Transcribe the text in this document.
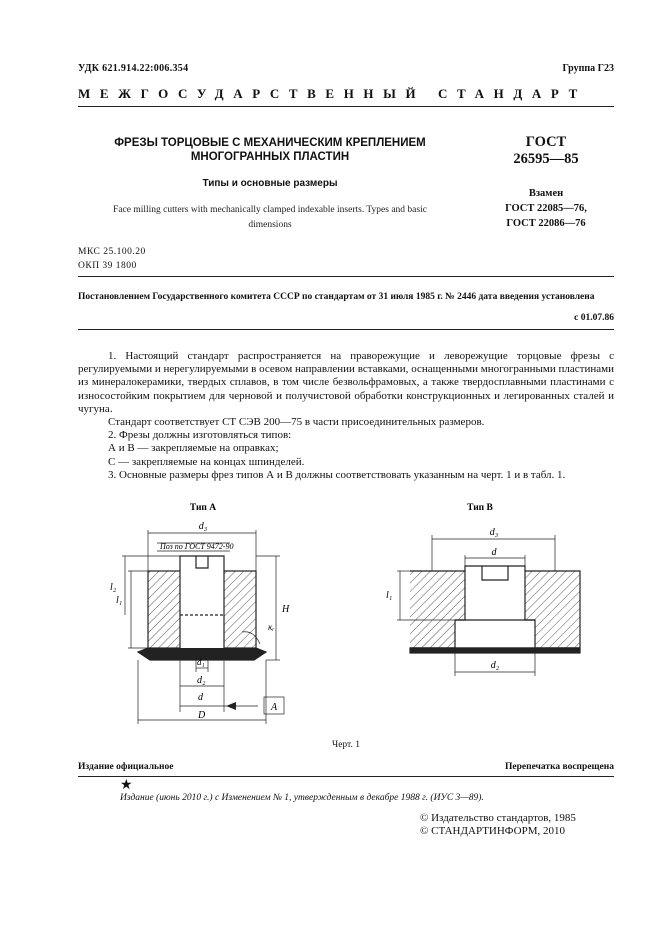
УДК 621.914.22:006.354	Группа Г23
МЕЖГОСУДАРСТВЕННЫЙ СТАНДАРТ
ФРЕЗЫ ТОРЦОВЫЕ С МЕХАНИЧЕСКИМ КРЕПЛЕНИЕМ
МНОГОГРАННЫХ ПЛАСТИН
Типы и основные размеры
Face milling cutters with mechanically clamped indexable inserts. Types and basic
dimensions
ГОСТ
26595—85
Взамен
ГОСТ 22085—76,
ГОСТ 22086—76
МКС 25.100.20
ОКП 39 1800
Постановлением Государственного комитета СССР по стандартам от 31 июля 1985 г. № 2446 дата введения установлена
с 01.07.86

1. Настоящий стандарт распространяется на праворежущие и леворежущие торцовые фрезы с регулируемыми и нерегулируемыми в осевом направлении вставками, оснащенными многогранными пластинами из минералокерамики, твердых сплавов, в том числе безвольфрамовых, а также твердосплавными пластинами с износостойким покрытием для черновой и получистовой обработки конструкционных и легированных сталей и чугуна.

Стандарт соответствует СТ СЭВ 200—75 в части присоединительных размеров.

2. Фрезы должны изготовляться типов:

А и В — закрепляемые на оправках;

С — закрепляемые на концах шпинделей.

3. Основные размеры фрез типов А и В должны соответствовать указанным на черт. 1 и в табл. 1.

Тип А
d₃
Поз по ГОСТ 9472-90
l₁
l₂
H
κᵣ
d₁
d₂
d
D
А
Тип В
d₃
d
l₁
d₂
Черт. 1
Издание официальное	Перепечатка воспрещена
★
Издание (июнь 2010 г.) с Изменением № 1, утвержденным в декабре 1988 г. (ИУС 3—89).
© Издательство стандартов, 1985
© СТАНДАРТИНФОРМ, 2010
